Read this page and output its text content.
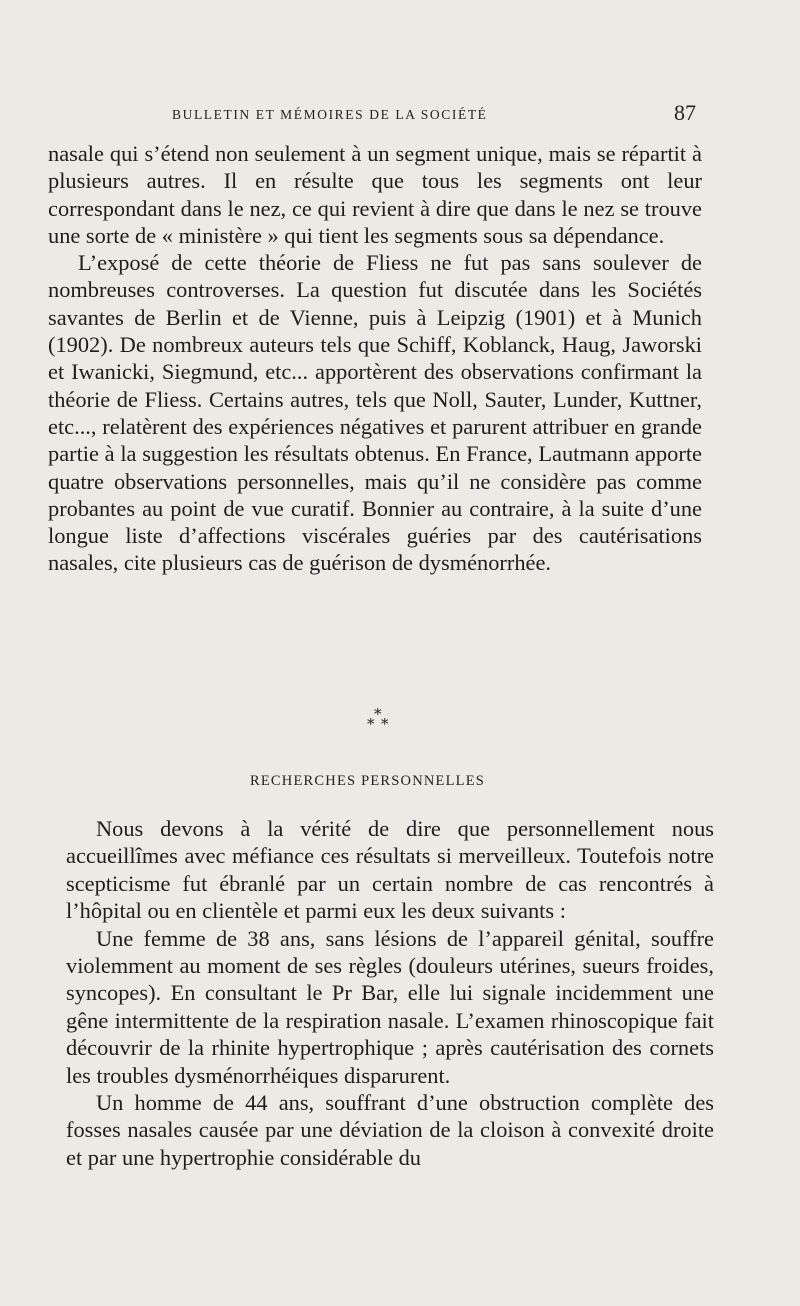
BULLETIN ET MÉMOIRES DE LA SOCIÉTÉ	87

nasale qui s’étend non seulement à un segment unique, mais se répartit à plusieurs autres. Il en résulte que tous les segments ont leur correspondant dans le nez, ce qui revient à dire que dans le nez se trouve une sorte de « ministère » qui tient les segments sous sa dépendance.

L’exposé de cette théorie de Fliess ne fut pas sans soulever de nombreuses controverses. La question fut discutée dans les Sociétés savantes de Berlin et de Vienne, puis à Leipzig (1901) et à Munich (1902). De nombreux auteurs tels que Schiff, Koblanck, Haug, Jaworski et Iwanicki, Siegmund, etc... apportèrent des observations confirmant la théorie de Fliess. Certains autres, tels que Noll, Sauter, Lunder, Kuttner, etc..., relatèrent des expériences négatives et parurent attribuer en grande partie à la suggestion les résultats obtenus. En France, Lautmann apporte quatre observations personnelles, mais qu’il ne considère pas comme probantes au point de vue curatif. Bonnier au contraire, à la suite d’une longue liste d’affections viscérales guéries par des cautérisations nasales, cite plusieurs cas de guérison de dysménorrhée.

*
* *
RECHERCHES PERSONNELLES

Nous devons à la vérité de dire que personnellement nous accueillîmes avec méfiance ces résultats si merveilleux. Toutefois notre scepticisme fut ébranlé par un certain nombre de cas rencontrés à l’hôpital ou en clientèle et parmi eux les deux suivants :

Une femme de 38 ans, sans lésions de l’appareil génital, souffre violemment au moment de ses règles (douleurs utérines, sueurs froides, syncopes). En consultant le Pr Bar, elle lui signale incidemment une gêne intermittente de la respiration nasale. L’examen rhinoscopique fait découvrir de la rhinite hypertrophique ; après cautérisation des cornets les troubles dysménorrhéiques disparurent.

Un homme de 44 ans, souffrant d’une obstruction complète des fosses nasales causée par une déviation de la cloison à convexité droite et par une hypertrophie considérable du
